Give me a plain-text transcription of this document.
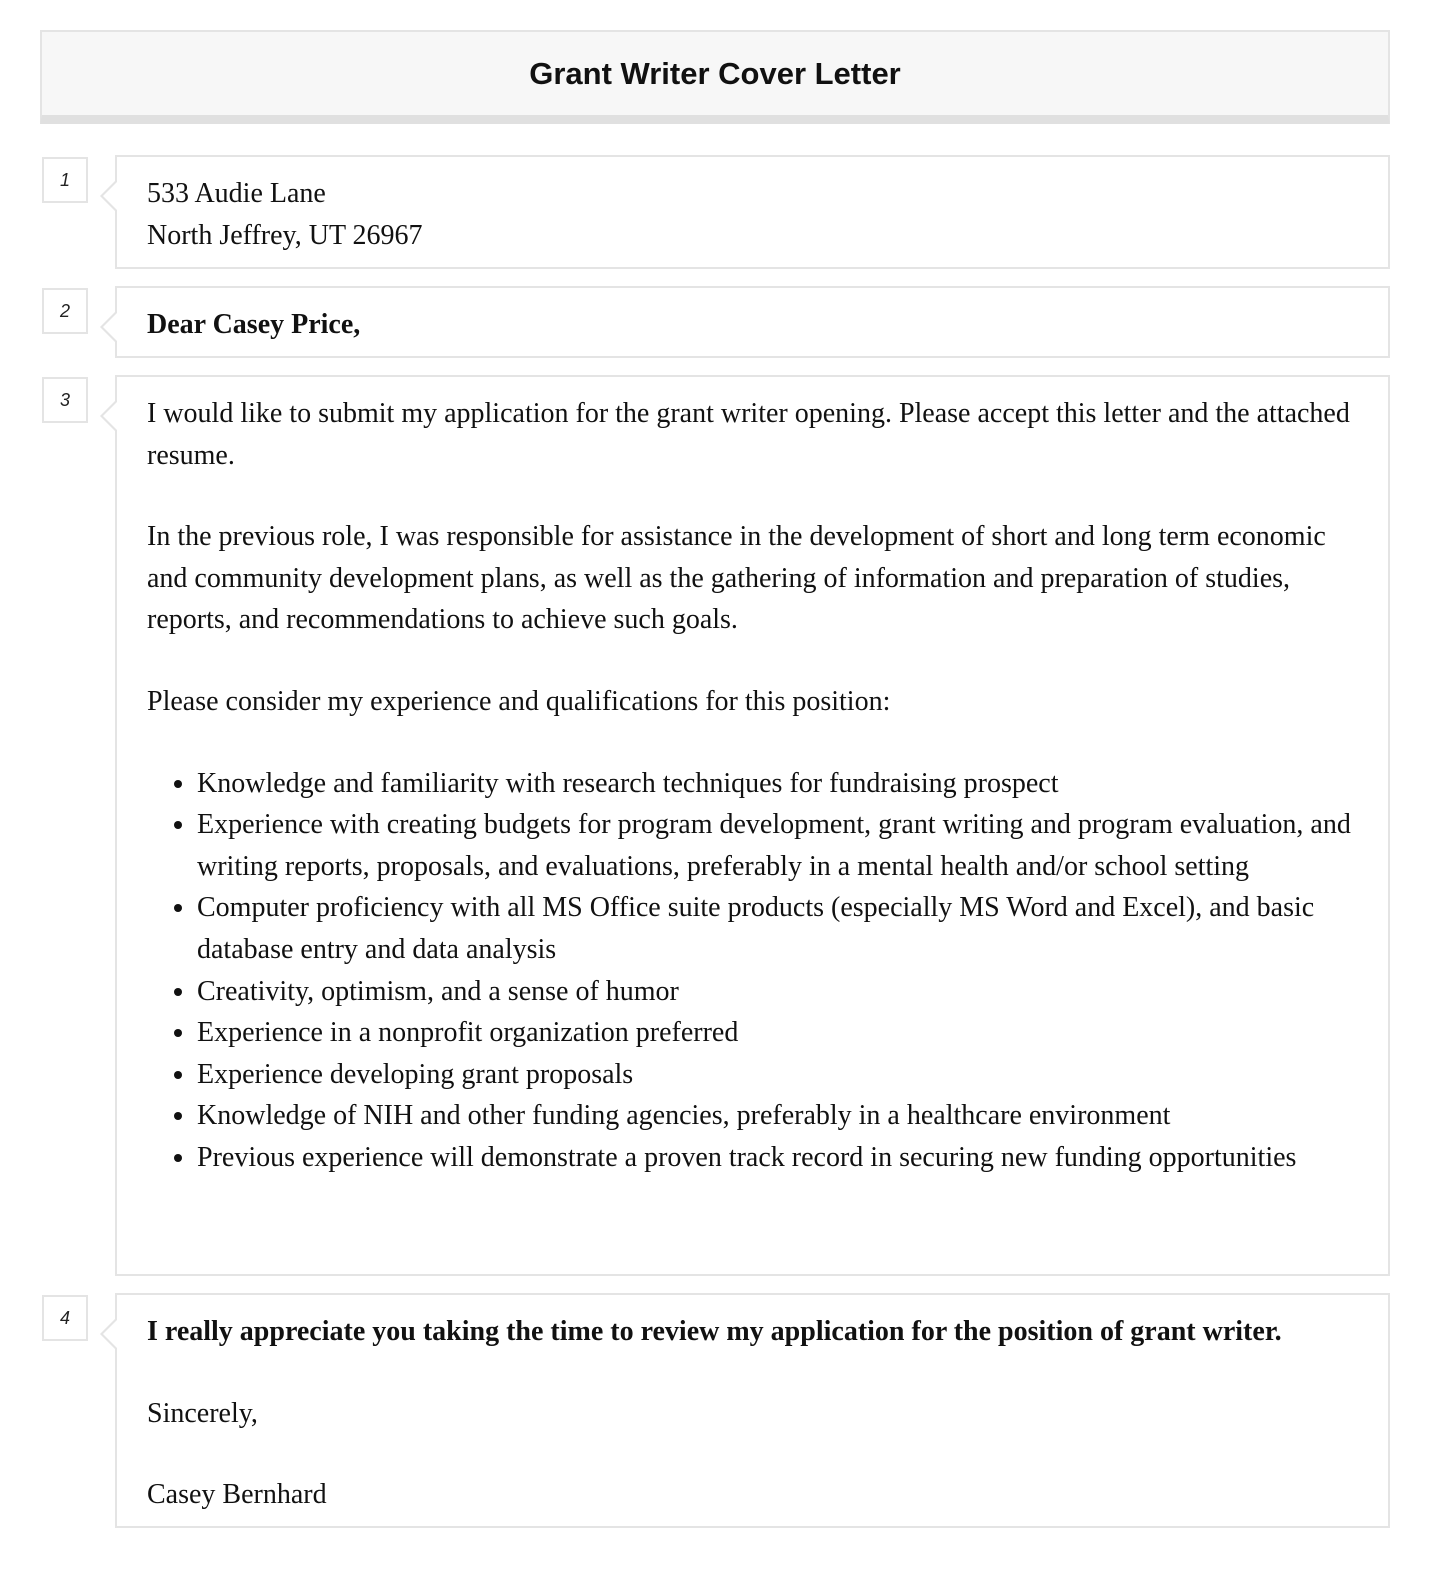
Grant Writer Cover Letter
1	533 Audie Lane
North Jeffrey, UT 26967
2	Dear Casey Price,
3	I would like to submit my application for the grant writer opening. Please accept this letter and the attached resume.

In the previous role, I was responsible for assistance in the development of short and long term economic and community development plans, as well as the gathering of information and preparation of studies, reports, and recommendations to achieve such goals.

Please consider my experience and qualifications for this position:

Knowledge and familiarity with research techniques for fundraising prospect
Experience with creating budgets for program development, grant writing and program evaluation, and writing reports, proposals, and evaluations, preferably in a mental health and/or school setting
Computer proficiency with all MS Office suite products (especially MS Word and Excel), and basic database entry and data analysis
Creativity, optimism, and a sense of humor
Experience in a nonprofit organization preferred
Experience developing grant proposals
Knowledge of NIH and other funding agencies, preferably in a healthcare environment
Previous experience will demonstrate a proven track record in securing new funding opportunities
4	I really appreciate you taking the time to review my application for the position of grant writer.

Sincerely,

Casey Bernhard
